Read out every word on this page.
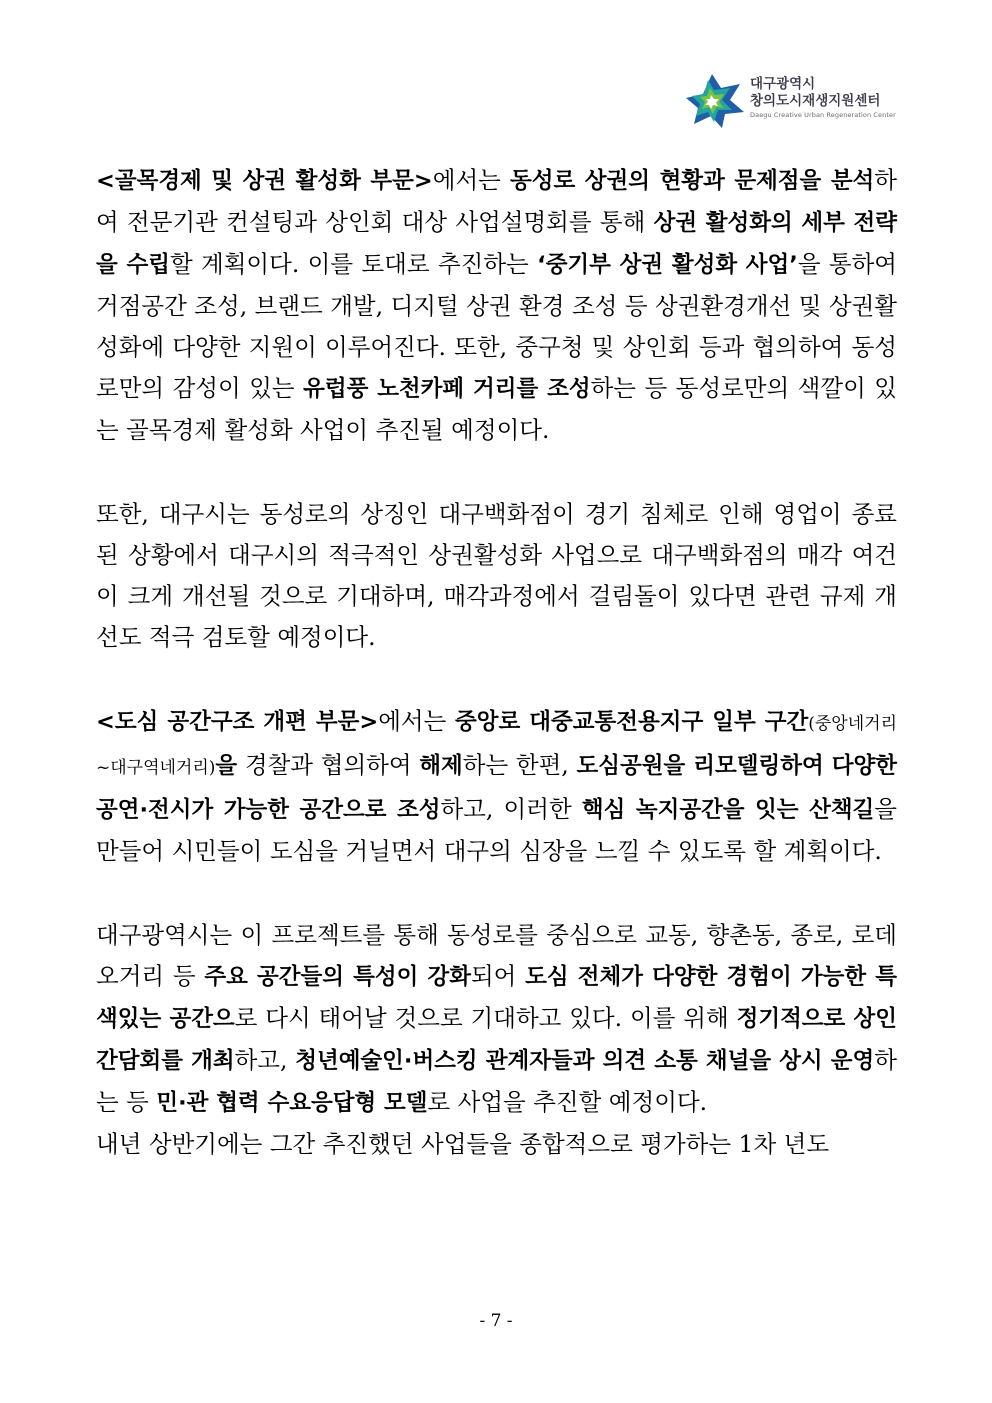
대구광역시
창의도시재생지원센터
Daegu Creative Urban Regeneration Center

<골목경제 및 상권 활성화 부문>에서는 동성로 상권의 현황과 문제점을 분석하여 전문기관 컨설팅과 상인회 대상 사업설명회를 통해 상권 활성화의 세부 전략을 수립할 계획이다. 이를 토대로 추진하는 ‘중기부 상권 활성화 사업’을 통하여 거점공간 조성, 브랜드 개발, 디지털 상권 환경 조성 등 상권환경개선 및 상권활성화에 다양한 지원이 이루어진다. 또한, 중구청 및 상인회 등과 협의하여 동성로만의 감성이 있는 유럽풍 노천카페 거리를 조성하는 등 동성로만의 색깔이 있는 골목경제 활성화 사업이 추진될 예정이다.

또한, 대구시는 동성로의 상징인 대구백화점이 경기 침체로 인해 영업이 종료된 상황에서 대구시의 적극적인 상권활성화 사업으로 대구백화점의 매각 여건이 크게 개선될 것으로 기대하며, 매각과정에서 걸림돌이 있다면 관련 규제 개선도 적극 검토할 예정이다.

<도심 공간구조 개편 부문>에서는 중앙로 대중교통전용지구 일부 구간(중앙네거리~대구역네거리)을 경찰과 협의하여 해제하는 한편, 도심공원을 리모델링하여 다양한 공연·전시가 가능한 공간으로 조성하고, 이러한 핵심 녹지공간을 잇는 산책길을 만들어 시민들이 도심을 거닐면서 대구의 심장을 느낄 수 있도록 할 계획이다.

대구광역시는 이 프로젝트를 통해 동성로를 중심으로 교동, 향촌동, 종로, 로데오거리 등 주요 공간들의 특성이 강화되어 도심 전체가 다양한 경험이 가능한 특색있는 공간으로 다시 태어날 것으로 기대하고 있다. 이를 위해 정기적으로 상인 간담회를 개최하고, 청년예술인·버스킹 관계자들과 의견 소통 채널을 상시 운영하는 등 민·관 협력 수요응답형 모델로 사업을 추진할 예정이다.

내년 상반기에는 그간 추진했던 사업들을 종합적으로 평가하는 1차 년도

- 7 -
